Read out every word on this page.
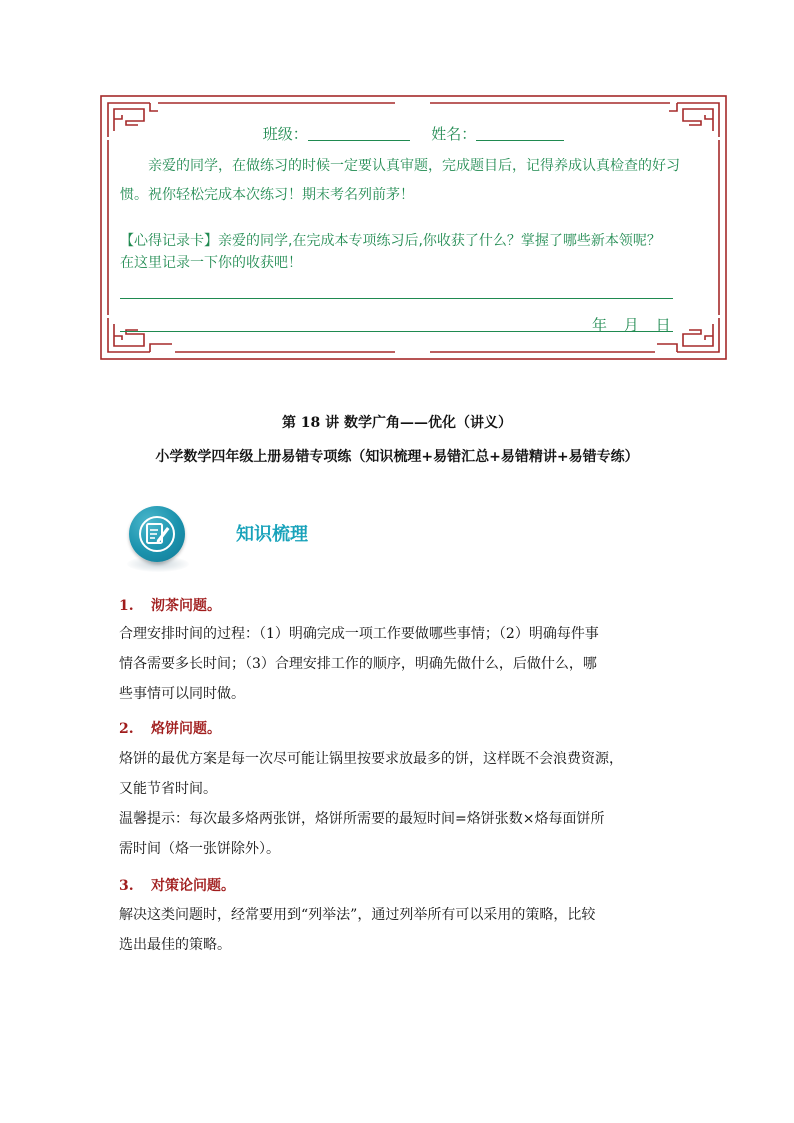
班级：	姓名：
亲爱的同学，在做练习的时候一定要认真审题，完成题目后，记得养成认真检查的好习
惯。祝你轻松完成本次练习！期末考名列前茅！
【心得记录卡】亲爱的同学,在完成本专项练习后,你收获了什么？掌握了哪些新本领呢？
在这里记录一下你的收获吧！
年 月 日
第 18 讲 数学广角——优化（讲义）
小学数学四年级上册易错专项练（知识梳理+易错汇总+易错精讲+易错专练）
知识梳理
1. 沏茶问题。
合理安排时间的过程：（1）明确完成一项工作要做哪些事情；（2）明确每件事
情各需要多长时间；（3）合理安排工作的顺序，明确先做什么，后做什么，哪
些事情可以同时做。
2. 烙饼问题。
烙饼的最优方案是每一次尽可能让锅里按要求放最多的饼，这样既不会浪费资源，
又能节省时间。
温馨提示：每次最多烙两张饼，烙饼所需要的最短时间=烙饼张数×烙每面饼所
需时间（烙一张饼除外）。
3. 对策论问题。
解决这类问题时，经常要用到“列举法”，通过列举所有可以采用的策略，比较
选出最佳的策略。
